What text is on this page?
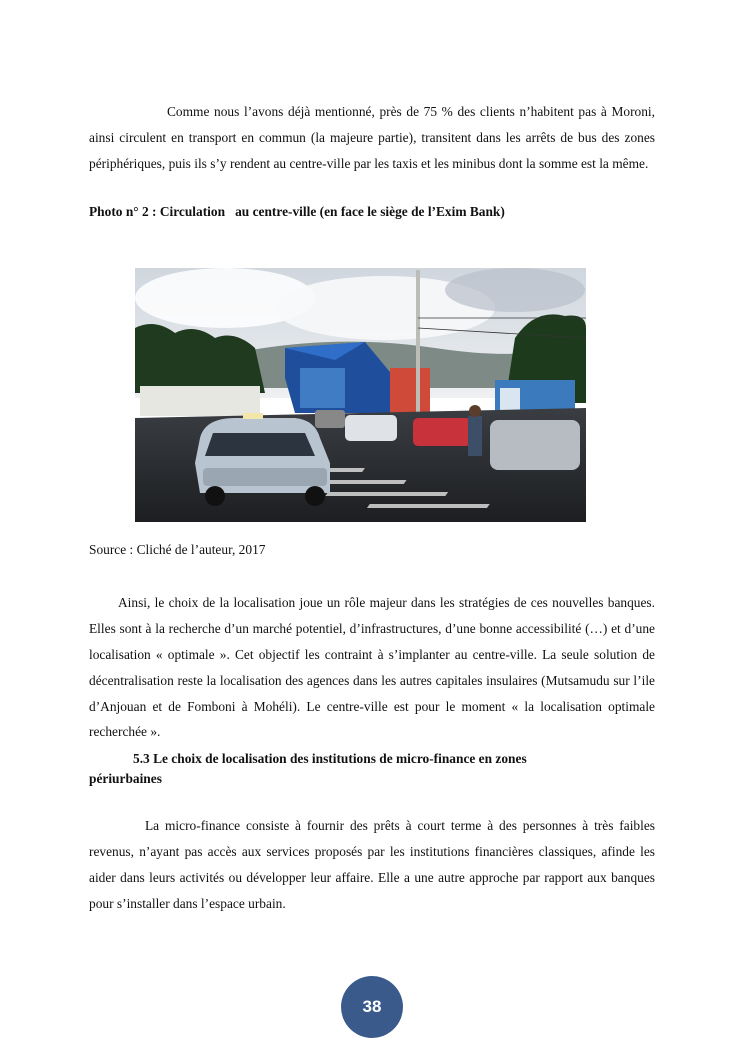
Comme nous l’avons déjà mentionné, près de 75 % des clients n’habitent pas à Moroni, ainsi circulent en transport en commun (la majeure partie), transitent dans les arrêts de bus des zones périphériques, puis ils s’y rendent au centre-ville par les taxis et les minibus dont la somme est la même.

Photo n° 2 : Circulation   au centre-ville (en face le siège de l’Exim Bank)
Source : Cliché de l’auteur, 2017

Ainsi, le choix de la localisation joue un rôle majeur dans les stratégies de ces nouvelles banques. Elles sont à la recherche d’un marché potentiel, d’infrastructures, d’une bonne accessibilité (…) et d’une localisation « optimale ». Cet objectif les contraint à s’implanter au centre-ville. La seule solution de décentralisation reste la localisation des agences dans les autres capitales insulaires (Mutsamudu sur l’ile d’Anjouan et de Fomboni à Mohéli). Le centre-ville est pour le moment « la localisation optimale recherchée ».

5.3 Le choix de localisation des institutions de micro-finance en zones
périurbaines

La micro-finance consiste à fournir des prêts à court terme à des personnes à très faibles revenus, n’ayant pas accès aux services proposés par les institutions financières classiques, afinde les aider dans leurs activités ou développer leur affaire. Elle a une autre approche par rapport aux banques pour s’installer dans l’espace urbain.

38
